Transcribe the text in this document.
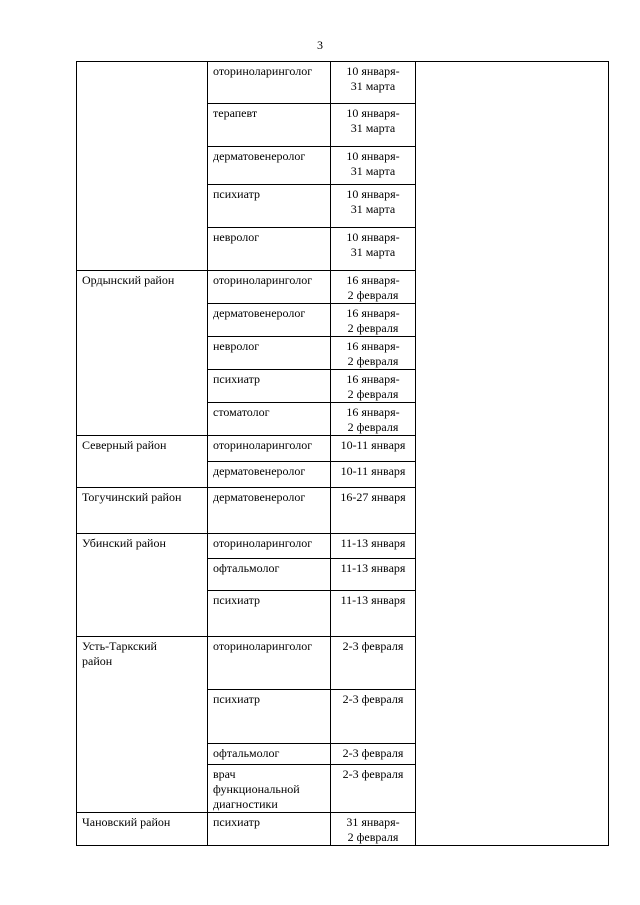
3
	оториноларинголог	10 января-
31 марта	
	терапевт	10 января-
31 марта	
	дерматовенеролог	10 января-
31 марта	
	психиатр	10 января-
31 марта	
	невролог	10 января-
31 марта	
Ордынский район	оториноларинголог	16 января-
2 февраля	
	дерматовенеролог	16 января-
2 февраля	
	невролог	16 января-
2 февраля	
	психиатр	16 января-
2 февраля	
	стоматолог	16 января-
2 февраля	
Северный район	оториноларинголог	10-11 января	
	дерматовенеролог	10-11 января	
Тогучинский район	дерматовенеролог	16-27 января	
Убинский район	оториноларинголог	11-13 января	
	офтальмолог	11-13 января	
	психиатр	11-13 января	
Усть-Таркский
район	оториноларинголог	2-3 февраля	
	психиатр	2-3 февраля	
	офтальмолог	2-3 февраля	
	врач
функциональной
диагностики	2-3 февраля	
Чановский район	психиатр	31 января-
2 февраля	
